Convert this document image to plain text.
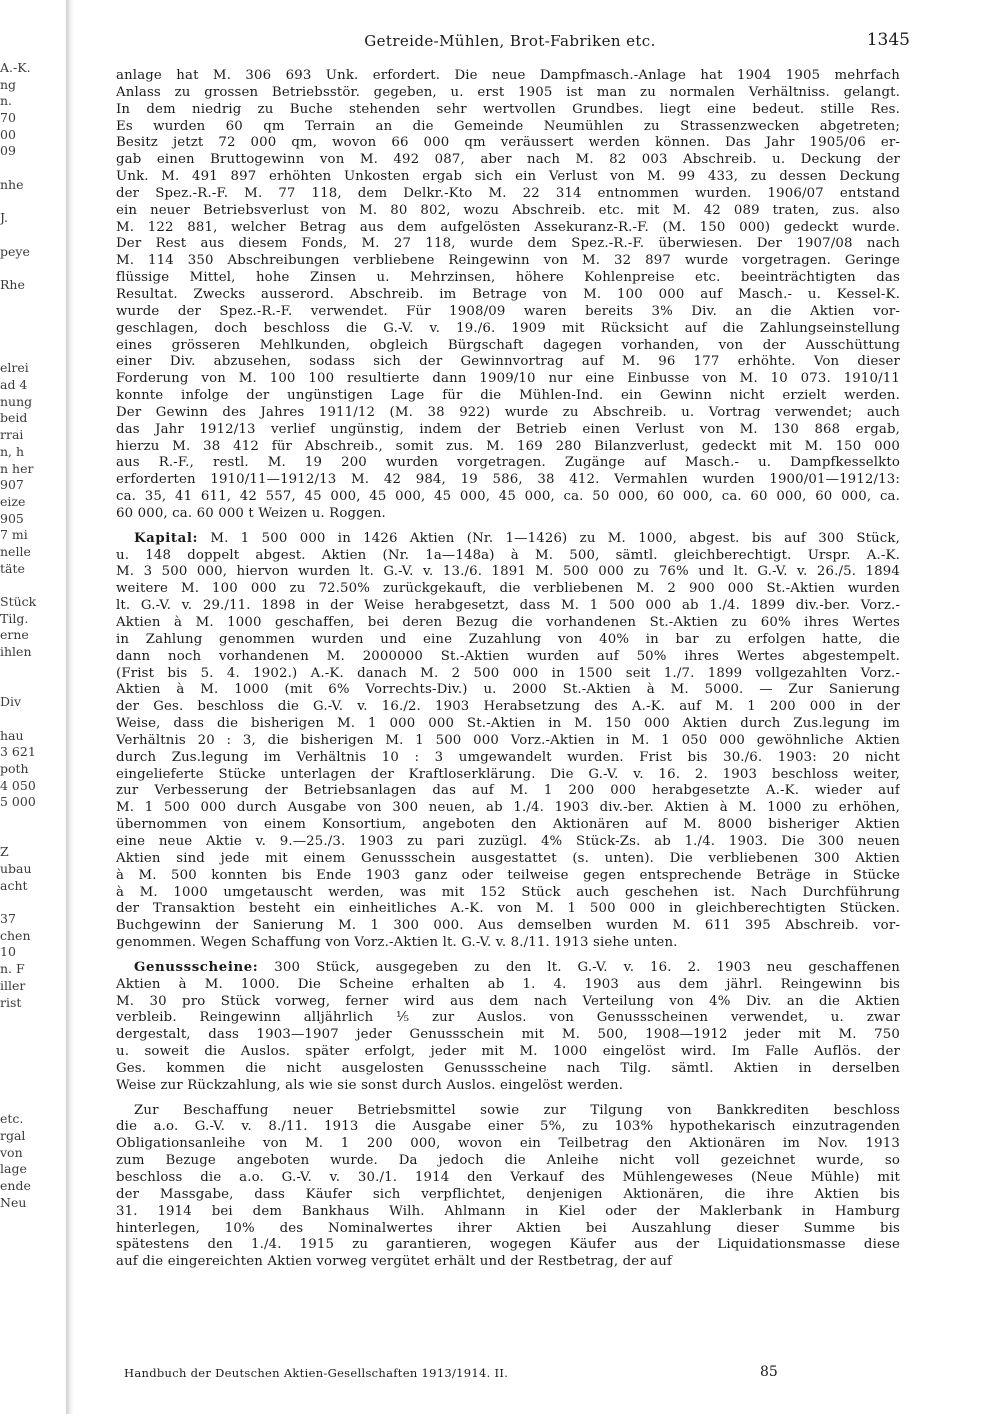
A.-K.
ng
n.
70
00
09
nhe
J.
peye
Rhe
elrei
ad 4
nung
beid
rrai
n, h
n her
907
eize
905
7 mi
nelle
täte
Stück
Tilg.
erne
ihlen
Div
hau
3 621
poth
4 050
5 000
Z
ubau
acht
37
chen
10
n. F
iller
rist
etc.
rgal
von
lage
ende
Neu
Getreide-Mühlen, Brot-Fabriken etc.	1345
anlage hat M. 306 693 Unk. erfordert. Die neue Dampfmasch.-Anlage hat 1904 1905 mehrfach
Anlass zu grossen Betriebsstör. gegeben, u. erst 1905 ist man zu normalen Verhältniss. gelangt.
In dem niedrig zu Buche stehenden sehr wertvollen Grundbes. liegt eine bedeut. stille Res.
Es wurden 60 qm Terrain an die Gemeinde Neumühlen zu Strassenzwecken abgetreten;
Besitz jetzt 72 000 qm, wovon 66 000 qm veräussert werden können. Das Jahr 1905/06 er-
gab einen Bruttogewinn von M. 492 087, aber nach M. 82 003 Abschreib. u. Deckung der
Unk. M. 491 897 erhöhten Unkosten ergab sich ein Verlust von M. 99 433, zu dessen Deckung
der Spez.-R.-F. M. 77 118, dem Delkr.-Kto M. 22 314 entnommen wurden. 1906/07 entstand
ein neuer Betriebsverlust von M. 80 802, wozu Abschreib. etc. mit M. 42 089 traten, zus. also
M. 122 881, welcher Betrag aus dem aufgelösten Assekuranz-R.-F. (M. 150 000) gedeckt wurde.
Der Rest aus diesem Fonds, M. 27 118, wurde dem Spez.-R.-F. überwiesen. Der 1907/08 nach
M. 114 350 Abschreibungen verbliebene Reingewinn von M. 32 897 wurde vorgetragen. Geringe
flüssige Mittel, hohe Zinsen u. Mehrzinsen, höhere Kohlenpreise etc. beeinträchtigten das
Resultat. Zwecks ausserord. Abschreib. im Betrage von M. 100 000 auf Masch.- u. Kessel-K.
wurde der Spez.-R.-F. verwendet. Für 1908/09 waren bereits 3% Div. an die Aktien vor-
geschlagen, doch beschloss die G.-V. v. 19./6. 1909 mit Rücksicht auf die Zahlungseinstellung
eines grösseren Mehlkunden, obgleich Bürgschaft dagegen vorhanden, von der Ausschüttung
einer Div. abzusehen, sodass sich der Gewinnvortrag auf M. 96 177 erhöhte. Von dieser
Forderung von M. 100 100 resultierte dann 1909/10 nur eine Einbusse von M. 10 073. 1910/11
konnte infolge der ungünstigen Lage für die Mühlen-Ind. ein Gewinn nicht erzielt werden.
Der Gewinn des Jahres 1911/12 (M. 38 922) wurde zu Abschreib. u. Vortrag verwendet; auch
das Jahr 1912/13 verlief ungünstig, indem der Betrieb einen Verlust von M. 130 868 ergab,
hierzu M. 38 412 für Abschreib., somit zus. M. 169 280 Bilanzverlust, gedeckt mit M. 150 000
aus R.-F., restl. M. 19 200 wurden vorgetragen. Zugänge auf Masch.- u. Dampfkesselkto
erforderten 1910/11—1912/13 M. 42 984, 19 586, 38 412. Vermahlen wurden 1900/01—1912/13:
ca. 35, 41 611, 42 557, 45 000, 45 000, 45 000, 45 000, ca. 50 000, 60 000, ca. 60 000, 60 000, ca.
60 000, ca. 60 000 t Weizen u. Roggen.
Kapital: M. 1 500 000 in 1426 Aktien (Nr. 1—1426) zu M. 1000, abgest. bis auf 300 Stück,
u. 148 doppelt abgest. Aktien (Nr. 1a—148a) à M. 500, sämtl. gleichberechtigt. Urspr. A.-K.
M. 3 500 000, hiervon wurden lt. G.-V. v. 13./6. 1891 M. 500 000 zu 76% und lt. G.-V. v. 26./5. 1894
weitere M. 100 000 zu 72.50% zurückgekauft, die verbliebenen M. 2 900 000 St.-Aktien wurden
lt. G.-V. v. 29./11. 1898 in der Weise herabgesetzt, dass M. 1 500 000 ab 1./4. 1899 div.-ber. Vorz.-
Aktien à M. 1000 geschaffen, bei deren Bezug die vorhandenen St.-Aktien zu 60% ihres Wertes
in Zahlung genommen wurden und eine Zuzahlung von 40% in bar zu erfolgen hatte, die
dann noch vorhandenen M. 2000000 St.-Aktien wurden auf 50% ihres Wertes abgestempelt.
(Frist bis 5. 4. 1902.) A.-K. danach M. 2 500 000 in 1500 seit 1./7. 1899 vollgezahlten Vorz.-
Aktien à M. 1000 (mit 6% Vorrechts-Div.) u. 2000 St.-Aktien à M. 5000. — Zur Sanierung
der Ges. beschloss die G.-V. v. 16./2. 1903 Herabsetzung des A.-K. auf M. 1 200 000 in der
Weise, dass die bisherigen M. 1 000 000 St.-Aktien in M. 150 000 Aktien durch Zus.legung im
Verhältnis 20 : 3, die bisherigen M. 1 500 000 Vorz.-Aktien in M. 1 050 000 gewöhnliche Aktien
durch Zus.legung im Verhältnis 10 : 3 umgewandelt wurden. Frist bis 30./6. 1903: 20 nicht
eingelieferte Stücke unterlagen der Kraftloserklärung. Die G.-V. v. 16. 2. 1903 beschloss weiter,
zur Verbesserung der Betriebsanlagen das auf M. 1 200 000 herabgesetzte A.-K. wieder auf
M. 1 500 000 durch Ausgabe von 300 neuen, ab 1./4. 1903 div.-ber. Aktien à M. 1000 zu erhöhen,
übernommen von einem Konsortium, angeboten den Aktionären auf M. 8000 bisheriger Aktien
eine neue Aktie v. 9.—25./3. 1903 zu pari zuzügl. 4% Stück-Zs. ab 1./4. 1903. Die 300 neuen
Aktien sind jede mit einem Genussschein ausgestattet (s. unten). Die verbliebenen 300 Aktien
à M. 500 konnten bis Ende 1903 ganz oder teilweise gegen entsprechende Beträge in Stücke
à M. 1000 umgetauscht werden, was mit 152 Stück auch geschehen ist. Nach Durchführung
der Transaktion besteht ein einheitliches A.-K. von M. 1 500 000 in gleichberechtigten Stücken.
Buchgewinn der Sanierung M. 1 300 000. Aus demselben wurden M. 611 395 Abschreib. vor-
genommen. Wegen Schaffung von Vorz.-Aktien lt. G.-V. v. 8./11. 1913 siehe unten.
Genussscheine: 300 Stück, ausgegeben zu den lt. G.-V. v. 16. 2. 1903 neu geschaffenen
Aktien à M. 1000. Die Scheine erhalten ab 1. 4. 1903 aus dem jährl. Reingewinn bis
M. 30 pro Stück vorweg, ferner wird aus dem nach Verteilung von 4% Div. an die Aktien
verbleib. Reingewinn alljährlich ⅕ zur Auslos. von Genussscheinen verwendet, u. zwar
dergestalt, dass 1903—1907 jeder Genussschein mit M. 500, 1908—1912 jeder mit M. 750
u. soweit die Auslos. später erfolgt, jeder mit M. 1000 eingelöst wird. Im Falle Auflös. der
Ges. kommen die nicht ausgelosten Genussscheine nach Tilg. sämtl. Aktien in derselben
Weise zur Rückzahlung, als wie sie sonst durch Auslos. eingelöst werden.
Zur Beschaffung neuer Betriebsmittel sowie zur Tilgung von Bankkrediten beschloss
die a.o. G.-V. v. 8./11. 1913 die Ausgabe einer 5%, zu 103% hypothekarisch einzutragenden
Obligationsanleihe von M. 1 200 000, wovon ein Teilbetrag den Aktionären im Nov. 1913
zum Bezuge angeboten wurde. Da jedoch die Anleihe nicht voll gezeichnet wurde, so
beschloss die a.o. G.-V. v. 30./1. 1914 den Verkauf des Mühlengeweses (Neue Mühle) mit
der Massgabe, dass Käufer sich verpflichtet, denjenigen Aktionären, die ihre Aktien bis
31. 1914 bei dem Bankhaus Wilh. Ahlmann in Kiel oder der Maklerbank in Hamburg
hinterlegen, 10% des Nominalwertes ihrer Aktien bei Auszahlung dieser Summe bis
spätestens den 1./4. 1915 zu garantieren, wogegen Käufer aus der Liquidationsmasse diese
auf die eingereichten Aktien vorweg vergütet erhält und der Restbetrag, der auf
Handbuch der Deutschen Aktien-Gesellschaften 1913/1914. II.	85
